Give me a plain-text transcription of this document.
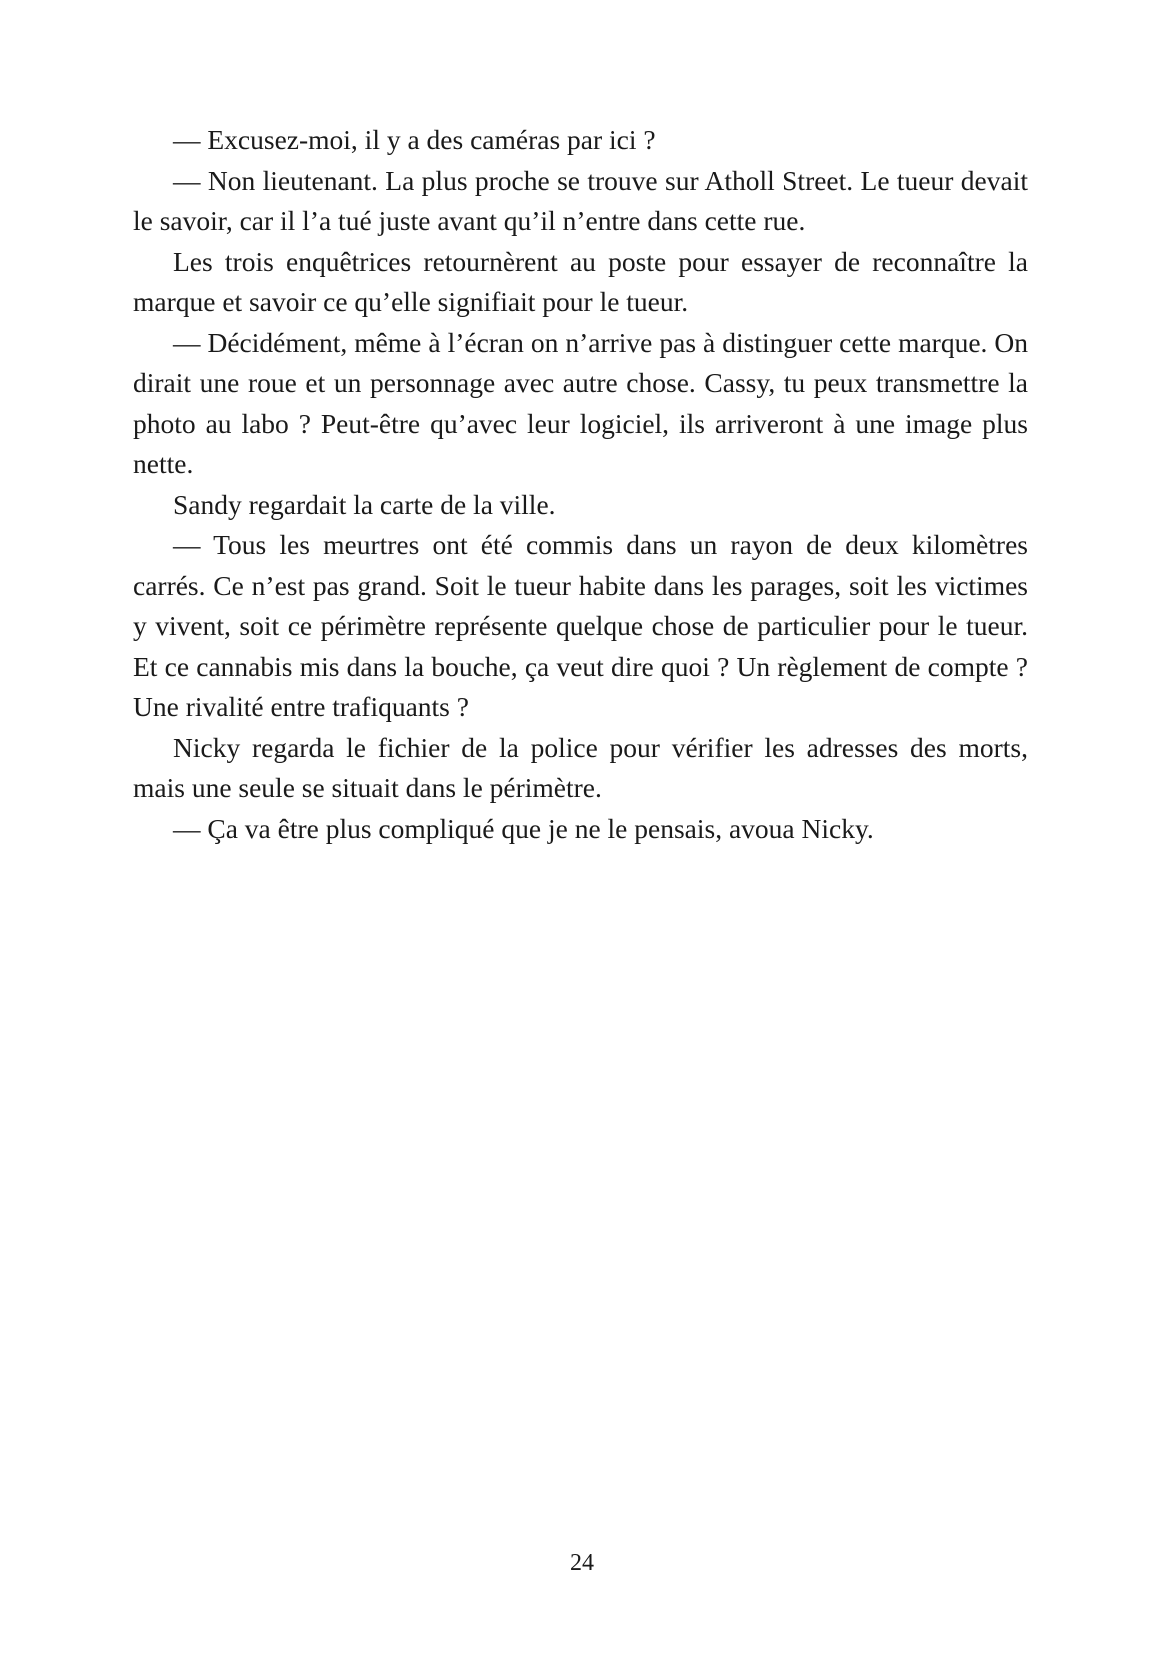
— Excusez-moi, il y a des caméras par ici ?

— Non lieutenant. La plus proche se trouve sur Atholl Street. Le tueur devait le savoir, car il l’a tué juste avant qu’il n’entre dans cette rue.

Les trois enquêtrices retournèrent au poste pour essayer de reconnaître la marque et savoir ce qu’elle signifiait pour le tueur.

— Décidément, même à l’écran on n’arrive pas à distinguer cette marque. On dirait une roue et un personnage avec autre chose. Cassy, tu peux transmettre la photo au labo ? Peut-être qu’avec leur logiciel, ils arriveront à une image plus nette.

Sandy regardait la carte de la ville.

— Tous les meurtres ont été commis dans un rayon de deux kilomètres carrés. Ce n’est pas grand. Soit le tueur habite dans les parages, soit les victimes y vivent, soit ce périmètre représente quelque chose de particulier pour le tueur. Et ce cannabis mis dans la bouche, ça veut dire quoi ? Un règlement de compte ? Une rivalité entre trafiquants ?

Nicky regarda le fichier de la police pour vérifier les adresses des morts, mais une seule se situait dans le périmètre.

— Ça va être plus compliqué que je ne le pensais, avoua Nicky.

24
